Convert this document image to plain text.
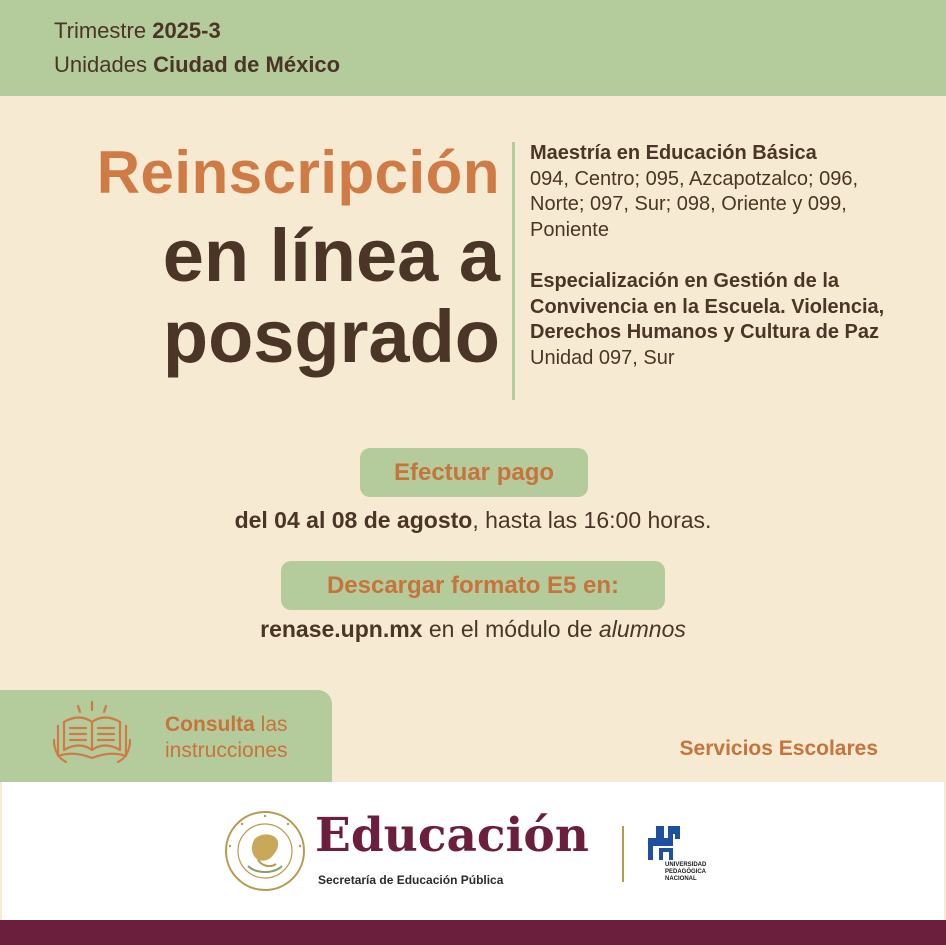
Trimestre 2025-3
Unidades Ciudad de México
Reinscripción
en línea a
posgrado
Maestría en Educación Básica
094, Centro; 095, Azcapotzalco; 096, Norte; 097, Sur; 098, Oriente y 099, Poniente
Especialización en Gestión de la Convivencia en la Escuela. Violencia, Derechos Humanos y Cultura de Paz
Unidad 097, Sur
Efectuar pago
del 04 al 08 de agosto, hasta las 16:00 horas.
Descargar formato E5 en:
renase.upn.mx en el módulo de alumnos
Consulta las
instrucciones	Servicios Escolares
Educación
Secretaría de Educación Pública
UNIVERSIDAD
PEDAGÓGICA
NACIONAL
